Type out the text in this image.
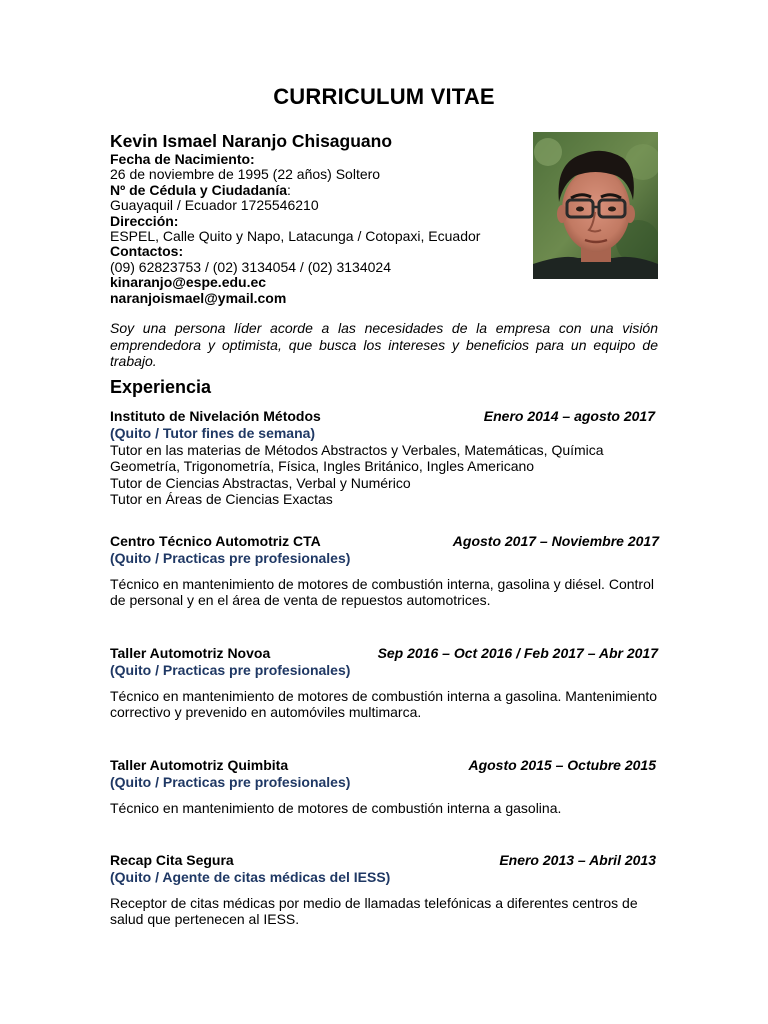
CURRICULUM VITAE
Kevin Ismael Naranjo Chisaguano
Fecha de Nacimiento:
26 de noviembre de 1995 (22 años) Soltero
Nº de Cédula y Ciudadanía:
Guayaquil / Ecuador 1725546210
Dirección:
ESPEL, Calle Quito y Napo, Latacunga / Cotopaxi, Ecuador
Contactos:
(09) 62823753 / (02) 3134054 / (02) 3134024
kinaranjo@espe.edu.ec
naranjoismael@ymail.com
Soy una persona líder acorde a las necesidades de la empresa con una visión emprendedora y optimista, que busca los intereses y beneficios para un equipo de trabajo.
Experiencia
Instituto de Nivelación Métodos	Enero 2014 – agosto 2017
(Quito / Tutor fines de semana)
Tutor en las materias de Métodos Abstractos y Verbales, Matemáticas, Química
Geometría, Trigonometría, Física, Ingles Británico, Ingles Americano
Tutor de Ciencias Abstractas, Verbal y Numérico
Tutor en Áreas de Ciencias Exactas
Centro Técnico Automotriz CTA	Agosto 2017 – Noviembre 2017
(Quito / Practicas pre profesionales)
Técnico en mantenimiento de motores de combustión interna, gasolina y diésel. Control de personal y en el área de venta de repuestos automotrices.
Taller Automotriz Novoa	Sep 2016 – Oct 2016 / Feb 2017 – Abr 2017
(Quito / Practicas pre profesionales)
Técnico en mantenimiento de motores de combustión interna a gasolina. Mantenimiento correctivo y prevenido en automóviles multimarca.
Taller Automotriz Quimbita	Agosto 2015 – Octubre 2015
(Quito / Practicas pre profesionales)
Técnico en mantenimiento de motores de combustión interna a gasolina.
Recap Cita Segura	Enero 2013 – Abril 2013
(Quito / Agente de citas médicas del IESS)
Receptor de citas médicas por medio de llamadas telefónicas a diferentes centros de salud que pertenecen al IESS.
